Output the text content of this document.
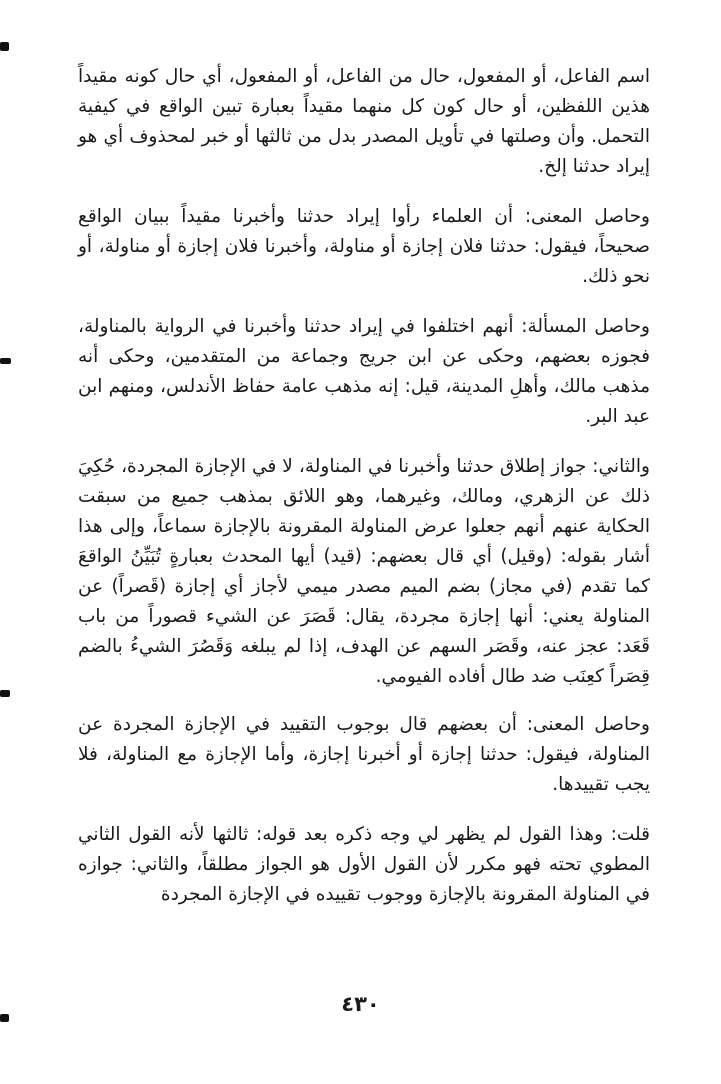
اسم الفاعل، أو المفعول، حال من الفاعل، أو المفعول، أي حال كونه مقيداً هذين اللفظين، أو حال كون كل منهما مقيداً بعبارة تبين الواقع في كيفية التحمل. وأن وصلتها في تأويل المصدر بدل من ثالثها أو خبر لمحذوف أي هو إيراد حدثنا إلخ.

وحاصل المعنى: أن العلماء رأوا إيراد حدثنا وأخبرنا مقيداً ببيان الواقع صحيحاً، فيقول: حدثنا فلان إجازة أو مناولة، وأخبرنا فلان إجازة أو مناولة، أو نحو ذلك.

وحاصل المسألة: أنهم اختلفوا في إيراد حدثنا وأخبرنا في الرواية بالمناولة، فجوزه بعضهم، وحكى عن ابن جريج وجماعة من المتقدمين، وحكى أنه مذهب مالك، وأهلِ المدينة، قيل: إنه مذهب عامة حفاظ الأندلس، ومنهم ابن عبد البر.

والثاني: جواز إطلاق حدثنا وأخبرنا في المناولة، لا في الإجازة المجردة، حُكِيَ ذلك عن الزهري، ومالك، وغيرهما، وهو اللائق بمذهب جميع من سبقت الحكاية عنهم أنهم جعلوا عرض المناولة المقرونة بالإجازة سماعاً، وإلى هذا أشار بقوله: (وقيل) أي قال بعضهم: (قيد) أيها المحدث بعبارةٍ تُبَيِّنُ الواقعَ كما تقدم (في مجاز) بضم الميم مصدر ميمي لأجاز أي إجازة (قَصراً) عن المناولة يعني: أنها إجازة مجردة، يقال: قَصَرَ عن الشيء قصوراً من باب قَعَد: عجز عنه، وقَصَر السهم عن الهدف، إذا لم يبلغه وَقَصُرَ الشيءُ بالضم قِصَراً كعِنَب ضد طال أفاده الفيومي.

وحاصل المعنى: أن بعضهم قال بوجوب التقييد في الإجازة المجردة عن المناولة، فيقول: حدثنا إجازة أو أخبرنا إجازة، وأما الإجازة مع المناولة، فلا يجب تقييدها.

قلت: وهذا القول لم يظهر لي وجه ذكره بعد قوله: ثالثها لأنه القول الثاني المطوي تحته فهو مكرر لأن القول الأول هو الجواز مطلقاً، والثاني: جوازه في المناولة المقرونة بالإجازة ووجوب تقييده في الإجازة المجردة

٤٣٠
